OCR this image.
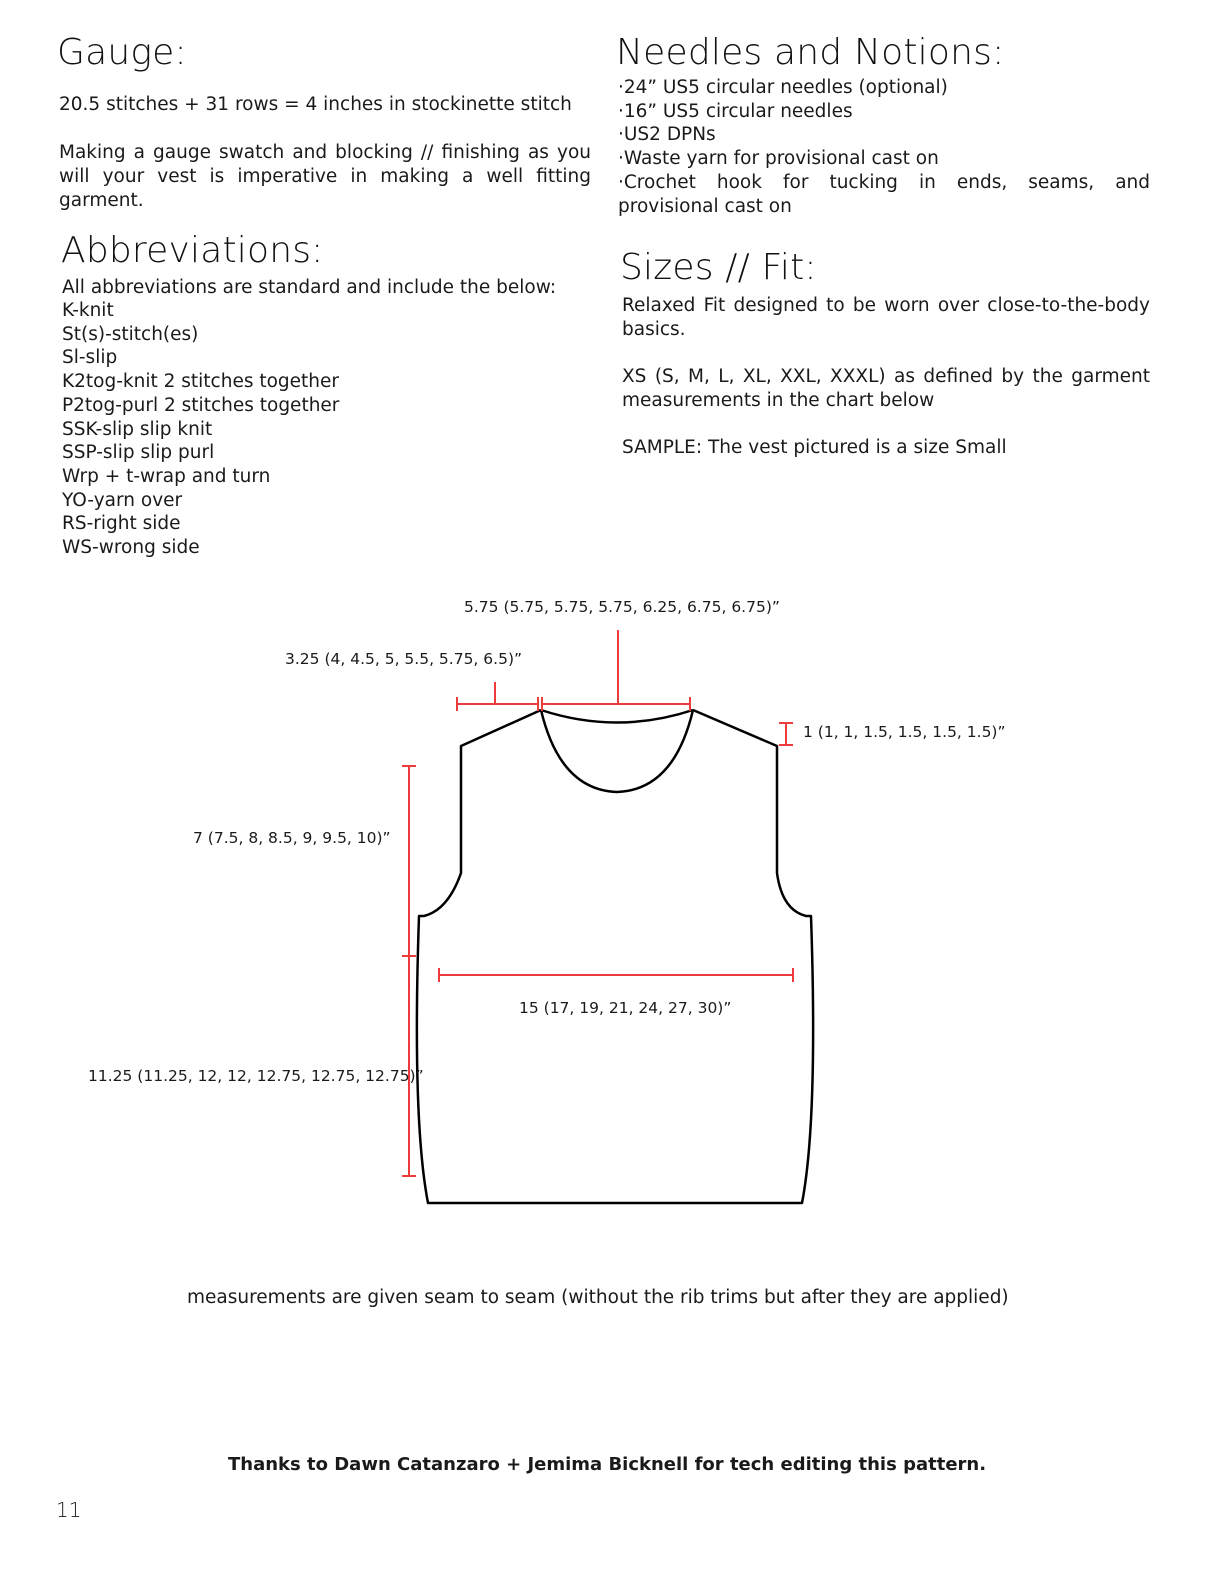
Gauge:

20.5 stitches + 31 rows = 4 inches in stockinette stitch

Making a gauge swatch and blocking // finishing as you will your vest is imperative in making a well fitting garment.

Needles and Notions:
·24” US5 circular needles (optional)
·16” US5 circular needles
·US2 DPNs
·Waste yarn for provisional cast on
·Crochet hook for tucking in ends, seams, and provisional cast on
Abbreviations:

All abbreviations are standard and include the below:

K-knit
St(s)-stitch(es)
Sl-slip
K2tog-knit 2 stitches together
P2tog-purl 2 stitches together
SSK-slip slip knit
SSP-slip slip purl
Wrp + t-wrap and turn
YO-yarn over
RS-right side
WS-wrong side
Sizes // Fit:

Relaxed Fit designed to be worn over close-to-the-body basics.

XS (S, M, L, XL, XXL, XXXL) as defined by the garment measurements in the chart below

SAMPLE: The vest pictured is a size Small

5.75 (5.75, 5.75, 5.75, 6.25, 6.75, 6.75)”
3.25 (4, 4.5, 5, 5.5, 5.75, 6.5)”
1 (1, 1, 1.5, 1.5, 1.5, 1.5)”
7 (7.5, 8, 8.5, 9, 9.5, 10)”
15 (17, 19, 21, 24, 27, 30)”
11.25 (11.25, 12, 12, 12.75, 12.75, 12.75)”

measurements are given seam to seam (without the rib trims but after they are applied)

Thanks to Dawn Catanzaro + Jemima Bicknell for tech editing this pattern.

11
